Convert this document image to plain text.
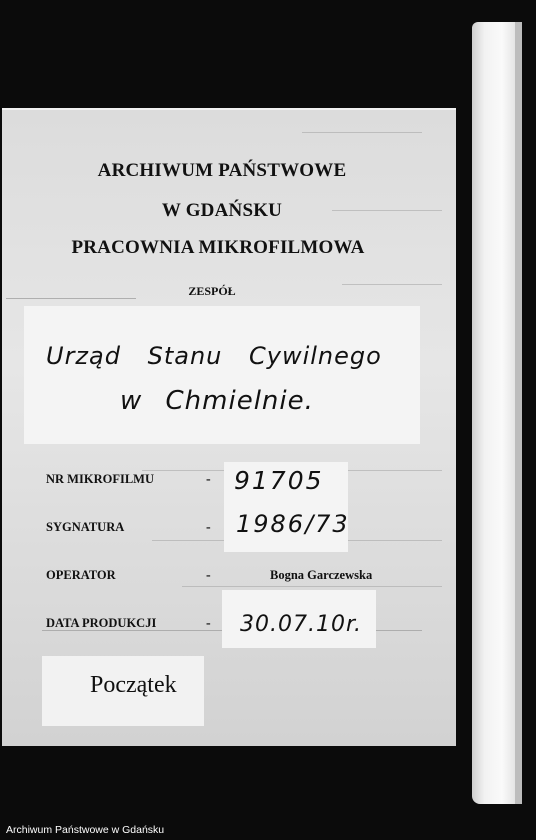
ARCHIWUM PAŃSTWOWE
W GDAŃSKU
PRACOWNIA MIKROFILMOWA
ZESPÓŁ
Urząd Stanu Cywilnego
w Chmielnie.
NR MIKROFILMU	- 91705
SYGNATURA	- 1986/73
OPERATOR	-	Bogna Garczewska
DATA PRODUKCJI	- 30.07.10r.
Początek
Archiwum Państwowe w Gdańsku
